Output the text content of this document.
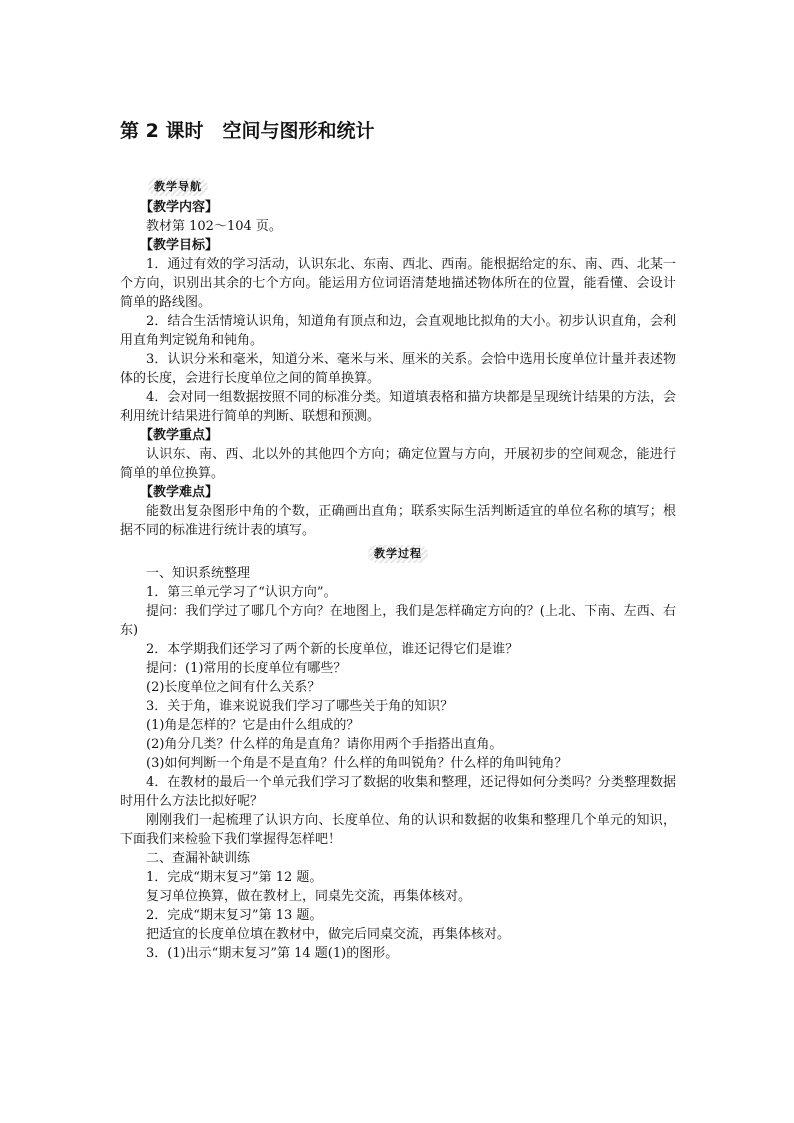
第 2 课时　空间与图形和统计
教学导航

【教学内容】

教材第 102～104 页。

【教学目标】

1．通过有效的学习活动，认识东北、东南、西北、西南。能根据给定的东、南、西、北某一个方向，识别出其余的七个方向。能运用方位词语清楚地描述物体所在的位置，能看懂、会设计简单的路线图。

2．结合生活情境认识角，知道角有顶点和边，会直观地比拟角的大小。初步认识直角，会利用直角判定锐角和钝角。

3．认识分米和毫米，知道分米、毫米与米、厘米的关系。会恰中选用长度单位计量并表述物体的长度，会进行长度单位之间的简单换算。

4．会对同一组数据按照不同的标准分类。知道填表格和描方块都是呈现统计结果的方法，会利用统计结果进行简单的判断、联想和预测。

【教学重点】

认识东、南、西、北以外的其他四个方向；确定位置与方向，开展初步的空间观念，能进行简单的单位换算。

【教学难点】

能数出复杂图形中角的个数，正确画出直角；联系实际生活判断适宜的单位名称的填写；根据不同的标准进行统计表的填写。

教学过程

一、知识系统整理

1．第三单元学习了“认识方向”。

提问：我们学过了哪几个方向？在地图上，我们是怎样确定方向的？(上北、下南、左西、右东)

2．本学期我们还学习了两个新的长度单位，谁还记得它们是谁？

提问：(1)常用的长度单位有哪些？

(2)长度单位之间有什么关系？

3．关于角，谁来说说我们学习了哪些关于角的知识？

(1)角是怎样的？它是由什么组成的？

(2)角分几类？什么样的角是直角？请你用两个手指搭出直角。

(3)如何判断一个角是不是直角？什么样的角叫锐角？什么样的角叫钝角？

4．在教材的最后一个单元我们学习了数据的收集和整理，还记得如何分类吗？分类整理数据时用什么方法比拟好呢？

刚刚我们一起梳理了认识方向、长度单位、角的认识和数据的收集和整理几个单元的知识，下面我们来检验下我们掌握得怎样吧！

二、查漏补缺训练

1．完成“期末复习”第 12 题。

复习单位换算，做在教材上，同桌先交流，再集体核对。

2．完成“期末复习”第 13 题。

把适宜的长度单位填在教材中，做完后同桌交流，再集体核对。

3．(1)出示“期末复习”第 14 题(1)的图形。
